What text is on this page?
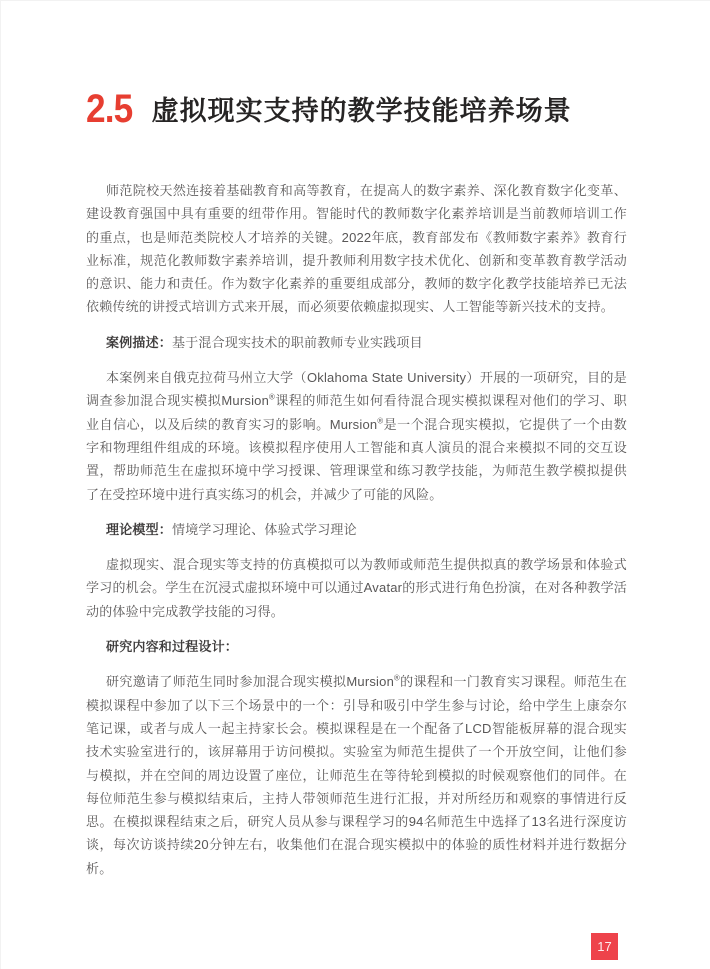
2.5 虚拟现实支持的教学技能培养场景

师范院校天然连接着基础教育和高等教育，在提高人的数字素养、深化教育数字化变革、建设教育强国中具有重要的纽带作用。智能时代的教师数字化素养培训是当前教师培训工作的重点，也是师范类院校人才培养的关键。2022年底，教育部发布《教师数字素养》教育行业标准，规范化教师数字素养培训，提升教师利用数字技术优化、创新和变革教育教学活动的意识、能力和责任。作为数字化素养的重要组成部分，教师的数字化教学技能培养已无法依赖传统的讲授式培训方式来开展，而必须要依赖虚拟现实、人工智能等新兴技术的支持。

案例描述：基于混合现实技术的职前教师专业实践项目

本案例来自俄克拉荷马州立大学（Oklahoma State University）开展的一项研究，目的是调查参加混合现实模拟Mursion®课程的师范生如何看待混合现实模拟课程对他们的学习、职业自信心，以及后续的教育实习的影响。Mursion®是一个混合现实模拟，它提供了一个由数字和物理组件组成的环境。该模拟程序使用人工智能和真人演员的混合来模拟不同的交互设置，帮助师范生在虚拟环境中学习授课、管理课堂和练习教学技能，为师范生教学模拟提供了在受控环境中进行真实练习的机会，并减少了可能的风险。

理论模型：情境学习理论、体验式学习理论

虚拟现实、混合现实等支持的仿真模拟可以为教师或师范生提供拟真的教学场景和体验式学习的机会。学生在沉浸式虚拟环境中可以通过Avatar的形式进行角色扮演，在对各种教学活动的体验中完成教学技能的习得。

研究内容和过程设计：

研究邀请了师范生同时参加混合现实模拟Mursion®的课程和一门教育实习课程。师范生在模拟课程中参加了以下三个场景中的一个：引导和吸引中学生参与讨论，给中学生上康奈尔笔记课，或者与成人一起主持家长会。模拟课程是在一个配备了LCD智能板屏幕的混合现实技术实验室进行的，该屏幕用于访问模拟。实验室为师范生提供了一个开放空间，让他们参与模拟，并在空间的周边设置了座位，让师范生在等待轮到模拟的时候观察他们的同伴。在每位师范生参与模拟结束后，主持人带领师范生进行汇报，并对所经历和观察的事情进行反思。在模拟课程结束之后，研究人员从参与课程学习的94名师范生中选择了13名进行深度访谈，每次访谈持续20分钟左右，收集他们在混合现实模拟中的体验的质性材料并进行数据分析。

17
